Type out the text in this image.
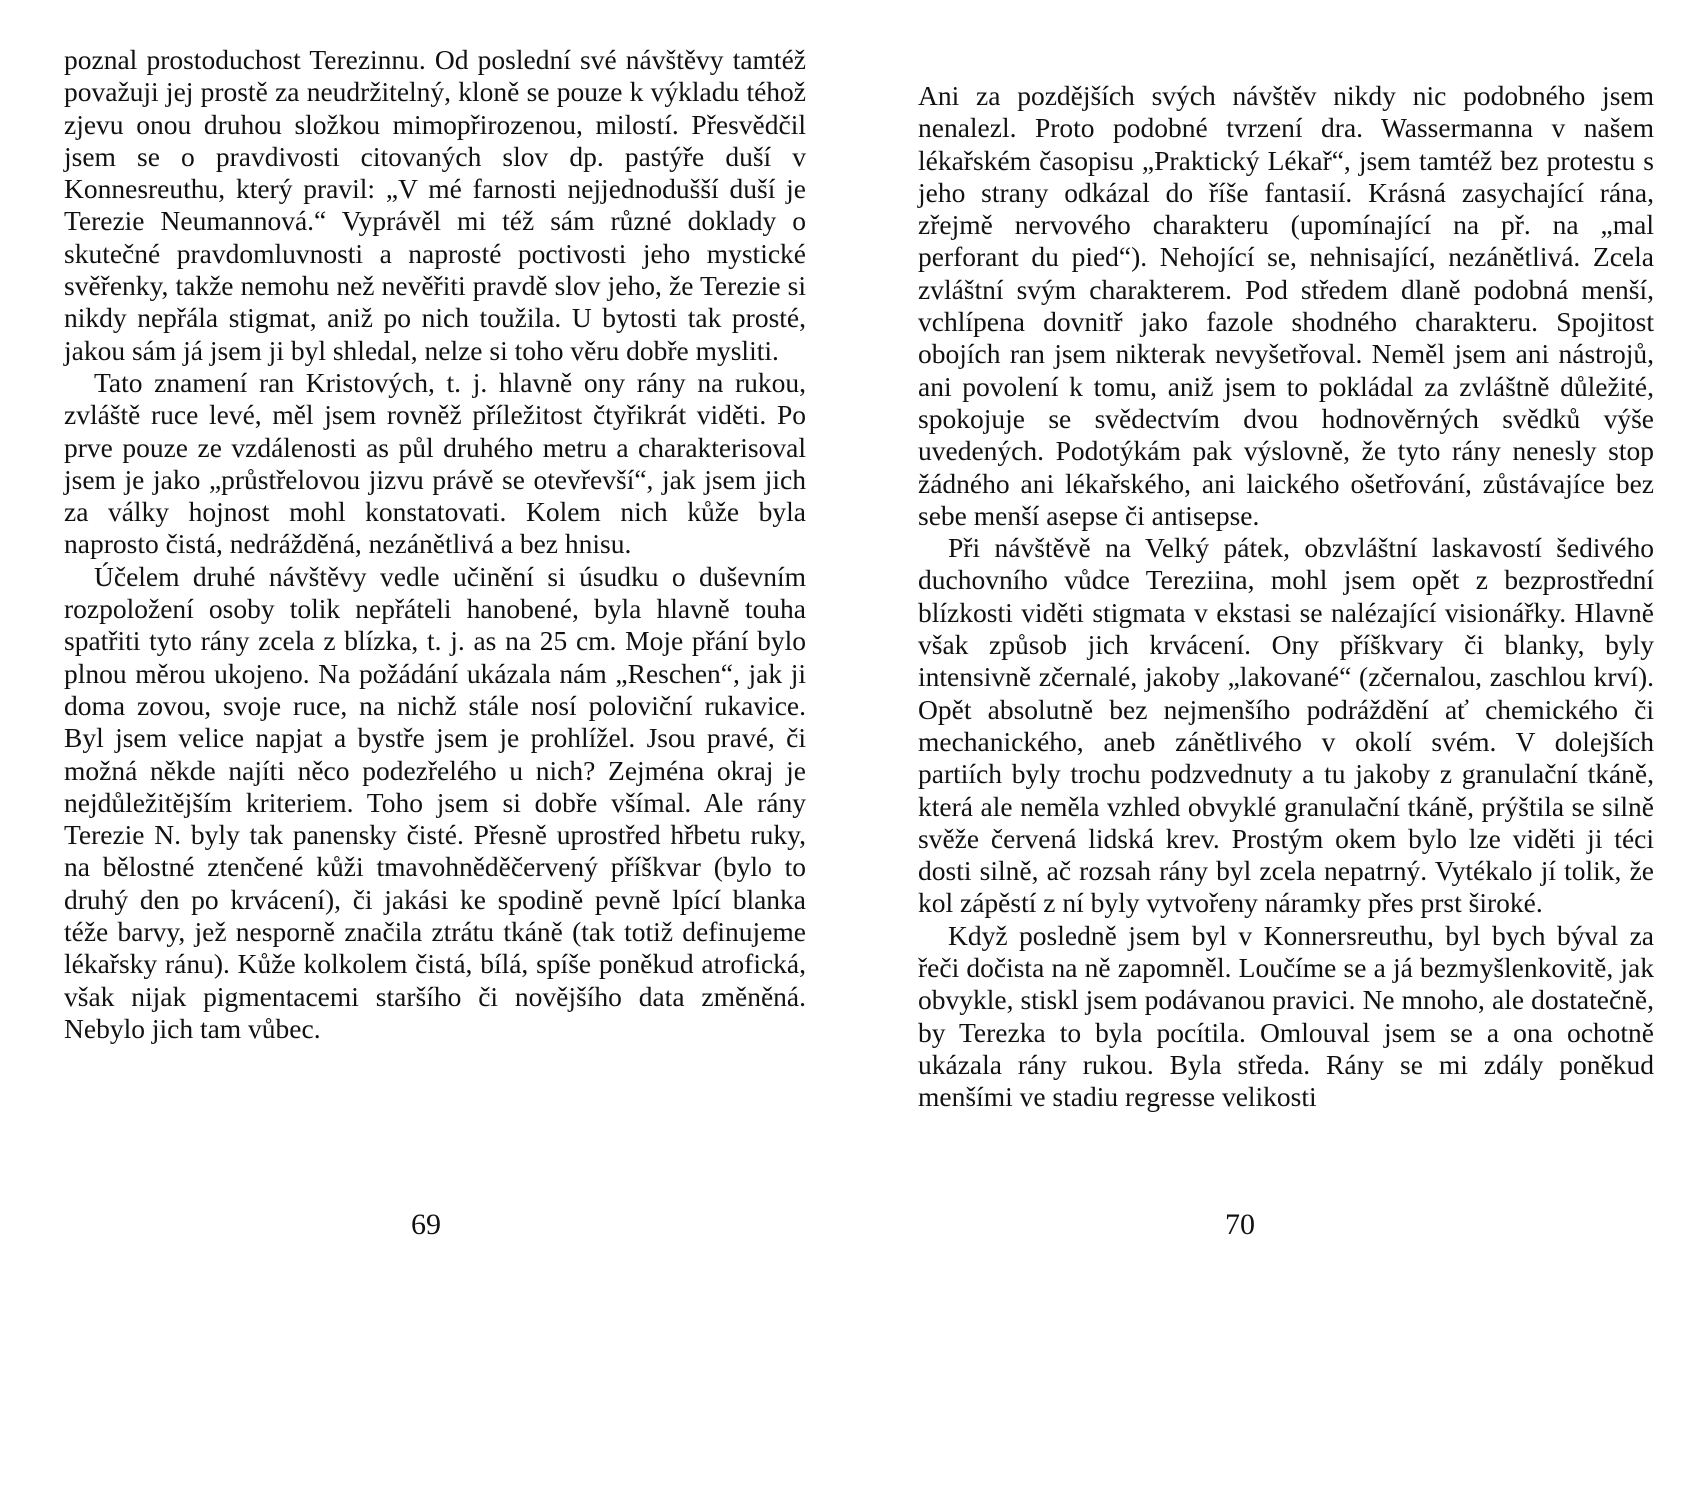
poznal prostoduchost Terezinnu. Od poslední své návštěvy tamtéž považuji jej prostě za neudržitelný, kloně se pouze k výkladu téhož zjevu onou druhou složkou mimopřirozenou, milostí. Přesvědčil jsem se o pravdivosti citovaných slov dp. pastýře duší v Konnesreuthu, který pravil: „V mé farnosti nejjednodušší duší je Terezie Neumannová.“ Vyprávěl mi též sám různé doklady o skutečné pravdomluvnosti a naprosté poctivosti jeho mystické svěřenky, takže nemohu než nevěřiti pravdě slov jeho, že Terezie si nikdy nepřála stigmat, aniž po nich toužila. U bytosti tak prosté, jakou sám já jsem ji byl shledal, nelze si toho věru dobře mysliti.

Tato znamení ran Kristových, t. j. hlavně ony rány na rukou, zvláště ruce levé, měl jsem rovněž příležitost čtyřikrát viděti. Po prve pouze ze vzdálenosti as půl druhého metru a charakterisoval jsem je jako „průstřelovou jizvu právě se otevřevší“, jak jsem jich za války hojnost mohl konstatovati. Kolem nich kůže byla naprosto čistá, nedrážděná, nezánětlivá a bez hnisu.

Účelem druhé návštěvy vedle učinění si úsudku o duševním rozpoložení osoby tolik nepřáteli hanobené, byla hlavně touha spatřiti tyto rány zcela z blízka, t. j. as na 25 cm. Moje přání bylo plnou měrou ukojeno. Na požádání ukázala nám „Reschen“, jak ji doma zovou, svoje ruce, na nichž stále nosí poloviční rukavice. Byl jsem velice napjat a bystře jsem je prohlížel. Jsou pravé, či možná někde najíti něco podezřelého u nich? Zejména okraj je nejdůležitějším kriteriem. Toho jsem si dobře všímal. Ale rány Terezie N. byly tak panensky čisté. Přesně uprostřed hřbetu ruky, na bělostné ztenčené kůži tmavohněděčervený příškvar (bylo to druhý den po krvácení), či jakási ke spodině pevně lpící blanka téže barvy, jež nesporně značila ztrátu tkáně (tak totiž definujeme lékařsky ránu). Kůže kolkolem čistá, bílá, spíše poněkud atrofická, však nijak pigmentacemi staršího či novějšího data změněná. Nebylo jich tam vůbec.

69

Ani za pozdějších svých návštěv nikdy nic podobného jsem nenalezl. Proto podobné tvrzení dra. Wassermanna v našem lékařském časopisu „Praktický Lékař“, jsem tamtéž bez protestu s jeho strany odkázal do říše fantasií. Krásná zasychající rána, zřejmě nervového charakteru (upomínající na př. na „mal perforant du pied“). Nehojící se, nehnisající, nezánětlivá. Zcela zvláštní svým charakterem. Pod středem dlaně podobná menší, vchlípena dovnitř jako fazole shodného charakteru. Spojitost obojích ran jsem nikterak nevyšetřoval. Neměl jsem ani nástrojů, ani povolení k tomu, aniž jsem to pokládal za zvláštně důležité, spokojuje se svědectvím dvou hodnověrných svědků výše uvedených. Podotýkám pak výslovně, že tyto rány nenesly stop žádného ani lékařského, ani laického ošetřování, zůstávajíce bez sebe menší asepse či antisepse.

Při návštěvě na Velký pátek, obzvláštní laskavostí šedivého duchovního vůdce Tereziina, mohl jsem opět z bezprostřední blízkosti viděti stigmata v ekstasi se nalézající visionářky. Hlavně však způsob jich krvácení. Ony příškvary či blanky, byly intensivně zčernalé, jakoby „lakované“ (zčernalou, zaschlou krví). Opět absolutně bez nejmenšího podráždění ať chemického či mechanického, aneb zánětlivého v okolí svém. V dolejších partiích byly trochu podzvednuty a tu jakoby z granulační tkáně, která ale neměla vzhled obvyklé granulační tkáně, prýštila se silně svěže červená lidská krev. Prostým okem bylo lze viděti ji téci dosti silně, ač rozsah rány byl zcela nepatrný. Vytékalo jí tolik, že kol zápěstí z ní byly vytvořeny náramky přes prst široké.

Když posledně jsem byl v Konnersreuthu, byl bych býval za řeči dočista na ně zapomněl. Loučíme se a já bezmyšlenkovitě, jak obvykle, stiskl jsem podávanou pravici. Ne mnoho, ale dostatečně, by Terezka to byla pocítila. Omlouval jsem se a ona ochotně ukázala rány rukou. Byla středa. Rány se mi zdály poněkud menšími ve stadiu regresse velikosti

70
